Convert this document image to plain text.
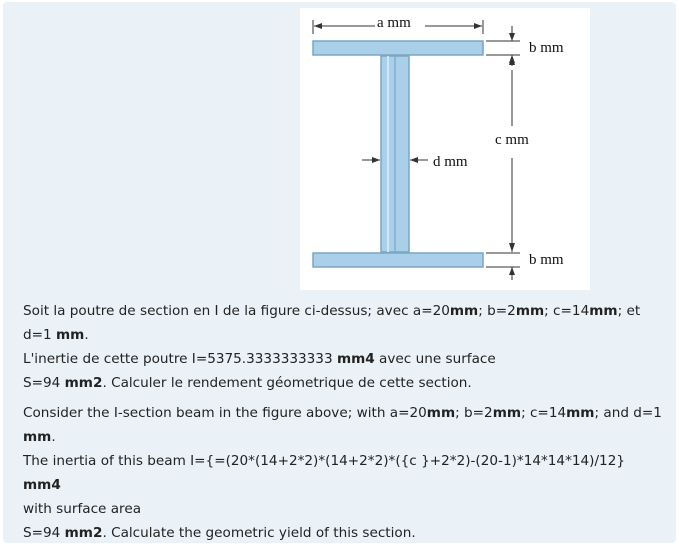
a mm
b mm
c mm
d mm
b mm
Soit la poutre de section en I de la figure ci-dessus; avec a=20mm; b=2mm; c=14mm; et
d=1 mm.
L'inertie de cette poutre I=5375.3333333333 mm4 avec une surface
S=94 mm2. Calculer le rendement géometrique de cette section.
Consider the I-section beam in the figure above; with a=20mm; b=2mm; c=14mm; and d=1
mm.
The inertia of this beam I={=(20*(14+2*2)*(14+2*2)*({c }+2*2)-(20-1)*14*14*14)/12} mm4
with surface area
S=94 mm2. Calculate the geometric yield of this section.
